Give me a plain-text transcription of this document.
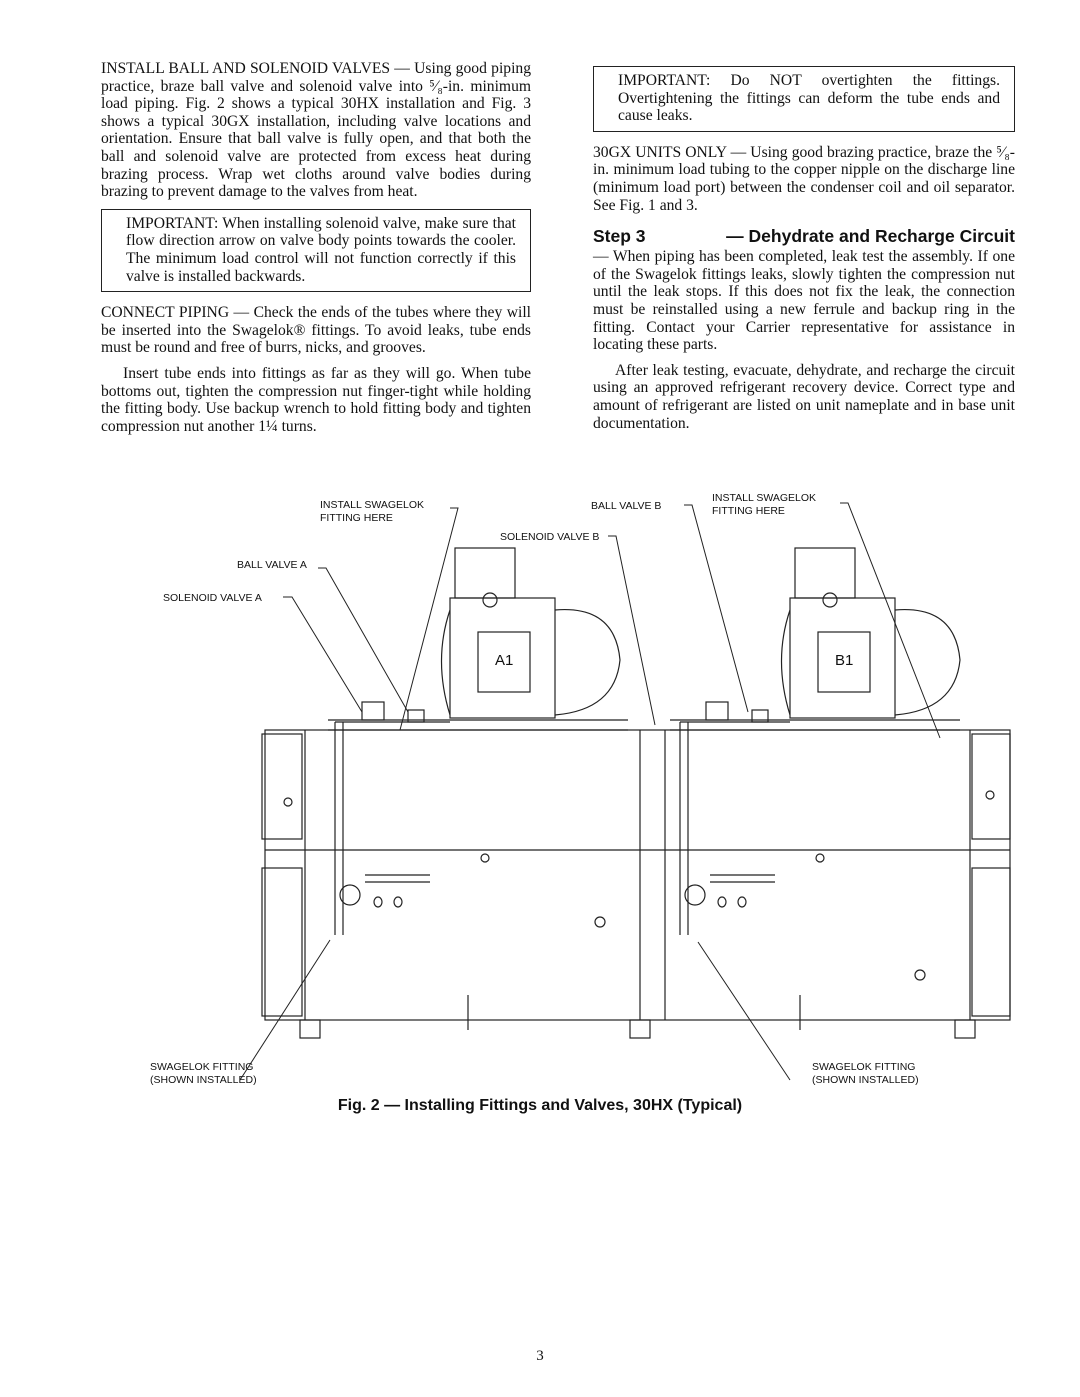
INSTALL BALL AND SOLENOID VALVES — Using good piping practice, braze ball valve and solenoid valve into ⁵⁄₈-in. minimum load piping. Fig. 2 shows a typical 30HX installation and Fig. 3 shows a typical 30GX installation, including valve locations and orientation. Ensure that ball valve is fully open, and that both the ball and solenoid valve are protected from excess heat during brazing process. Wrap wet cloths around valve bodies during brazing to prevent damage to the valves from heat.

IMPORTANT: When installing solenoid valve, make sure that flow direction arrow on valve body points towards the cooler. The minimum load control will not function correctly if this valve is installed backwards.

CONNECT PIPING — Check the ends of the tubes where they will be inserted into the Swagelok® fittings. To avoid leaks, tube ends must be round and free of burrs, nicks, and grooves.

Insert tube ends into fittings as far as they will go. When tube bottoms out, tighten the compression nut finger-tight while holding the fitting body. Use backup wrench to hold fitting body and tighten compression nut another 1¼ turns.

IMPORTANT: Do NOT overtighten the fittings. Overtightening the fittings can deform the tube ends and cause leaks.

30GX UNITS ONLY — Using good brazing practice, braze the ⁵⁄₈-in. minimum load tubing to the copper nipple on the discharge line (minimum load port) between the condenser coil and oil separator. See Fig. 1 and 3.

Step 3	— Dehydrate and Recharge Circuit

— When piping has been completed, leak test the assembly. If one of the Swagelok fittings leaks, slowly tighten the compression nut until the leak stops. If this does not fix the leak, the connection must be reinstalled using a new ferrule and backup ring in the fitting. Contact your Carrier representative for assistance in locating these parts.

After leak testing, evacuate, dehydrate, and recharge the circuit using an approved refrigerant recovery device. Correct type and amount of refrigerant are listed on unit nameplate and in base unit documentation.

INSTALL SWAGELOK
FITTING HERE
BALL VALVE A
SOLENOID VALVE A
SOLENOID VALVE B
BALL VALVE B
INSTALL SWAGELOK
FITTING HERE
A1	B1
SWAGELOK FITTING
(SHOWN INSTALLED)
SWAGELOK FITTING
(SHOWN INSTALLED)
Fig. 2 — Installing Fittings and Valves, 30HX (Typical)
3
